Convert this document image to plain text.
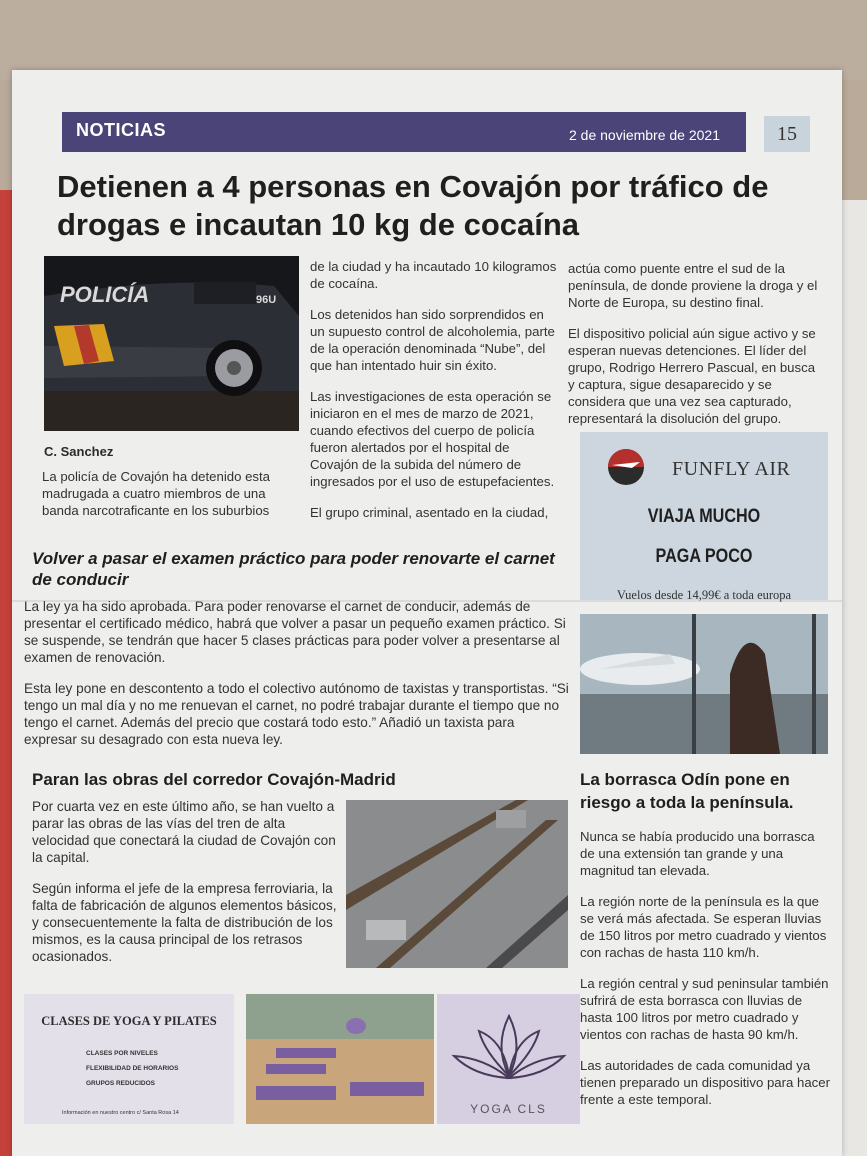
NOTICIAS	2 de noviembre de 2021	15
Detienen a 4 personas en Covajón por tráfico de drogas e incautan 10 kg de cocaína
POLICÍA	96U
C. Sanchez

La policía de Covajón ha detenido esta madrugada a cuatro miembros de una banda narcotraficante en los suburbios

de la ciudad y ha incautado 10 kilogramos de cocaína.

Los detenidos han sido sorprendidos en un supuesto control de alcoholemia, parte de la operación denominada “Nube”, del que han intentado huir sin éxito.

Las investigaciones de esta operación se iniciaron en el mes de marzo de 2021, cuando efectivos del cuerpo de policía fueron alertados por el hospital de Covajón de la subida del número de ingresados por el uso de estupefacientes.

El grupo criminal, asentado en la ciudad,

actúa como puente entre el sud de la península, de donde proviene la droga y el Norte de Europa, su destino final.

El dispositivo policial aún sigue activo y se esperan nuevas detenciones. El líder del grupo, Rodrigo Herrero Pascual, en busca y captura, sigue desaparecido y se considera que una vez sea capturado, representará la disolución del grupo.

FUNFLY AIR
VIAJA MUCHO
PAGA POCO
Vuelos desde 14,99€ a toda europa
Volver a pasar el examen práctico para poder renovarte el carnet de conducir

La ley ya ha sido aprobada. Para poder renovarse el carnet de conducir, además de presentar el certificado médico, habrá que volver a pasar un pequeño examen práctico. Si se suspende, se tendrán que hacer 5 clases prácticas para poder volver a presentarse al examen de renovación.

Esta ley pone en descontento a todo el colectivo autónomo de taxistas y transportistas. “Si tengo un mal día y no me renuevan el carnet, no podré trabajar durante el tiempo que no tengo el carnet. Además del precio que costará todo esto.” Añadió un taxista para expresar su desagrado con esta nueva ley.

Paran las obras del corredor Covajón-Madrid

Por cuarta vez en este último año, se han vuelto a parar las obras de las vías del tren de alta velocidad que conectará la ciudad de Covajón con la capital.

Según informa el jefe de la empresa ferroviaria, la falta de fabricación de algunos elementos básicos, y consecuentemente la falta de distribución de los mismos, es la causa principal de los retrasos ocasionados.

La borrasca Odín pone en riesgo a toda la península.

Nunca se había producido una borrasca de una extensión tan grande y una magnitud tan elevada.

La región norte de la península es la que se verá más afectada. Se esperan lluvias de 150 litros por metro cuadrado y vientos con rachas de hasta 110 km/h.

La región central y sud peninsular también sufrirá de esta borrasca con lluvias de hasta 100 litros por metro cuadrado y vientos con rachas de hasta 90 km/h.

Las autoridades de cada comunidad ya tienen preparado un dispositivo para hacer frente a este temporal.

CLASES DE YOGA Y PILATES
CLASES POR NIVELES
FLEXIBILIDAD DE HORARIOS
GRUPOS REDUCIDOS
Información en nuestro centro c/ Santa Rosa 14	YOGA CLS
